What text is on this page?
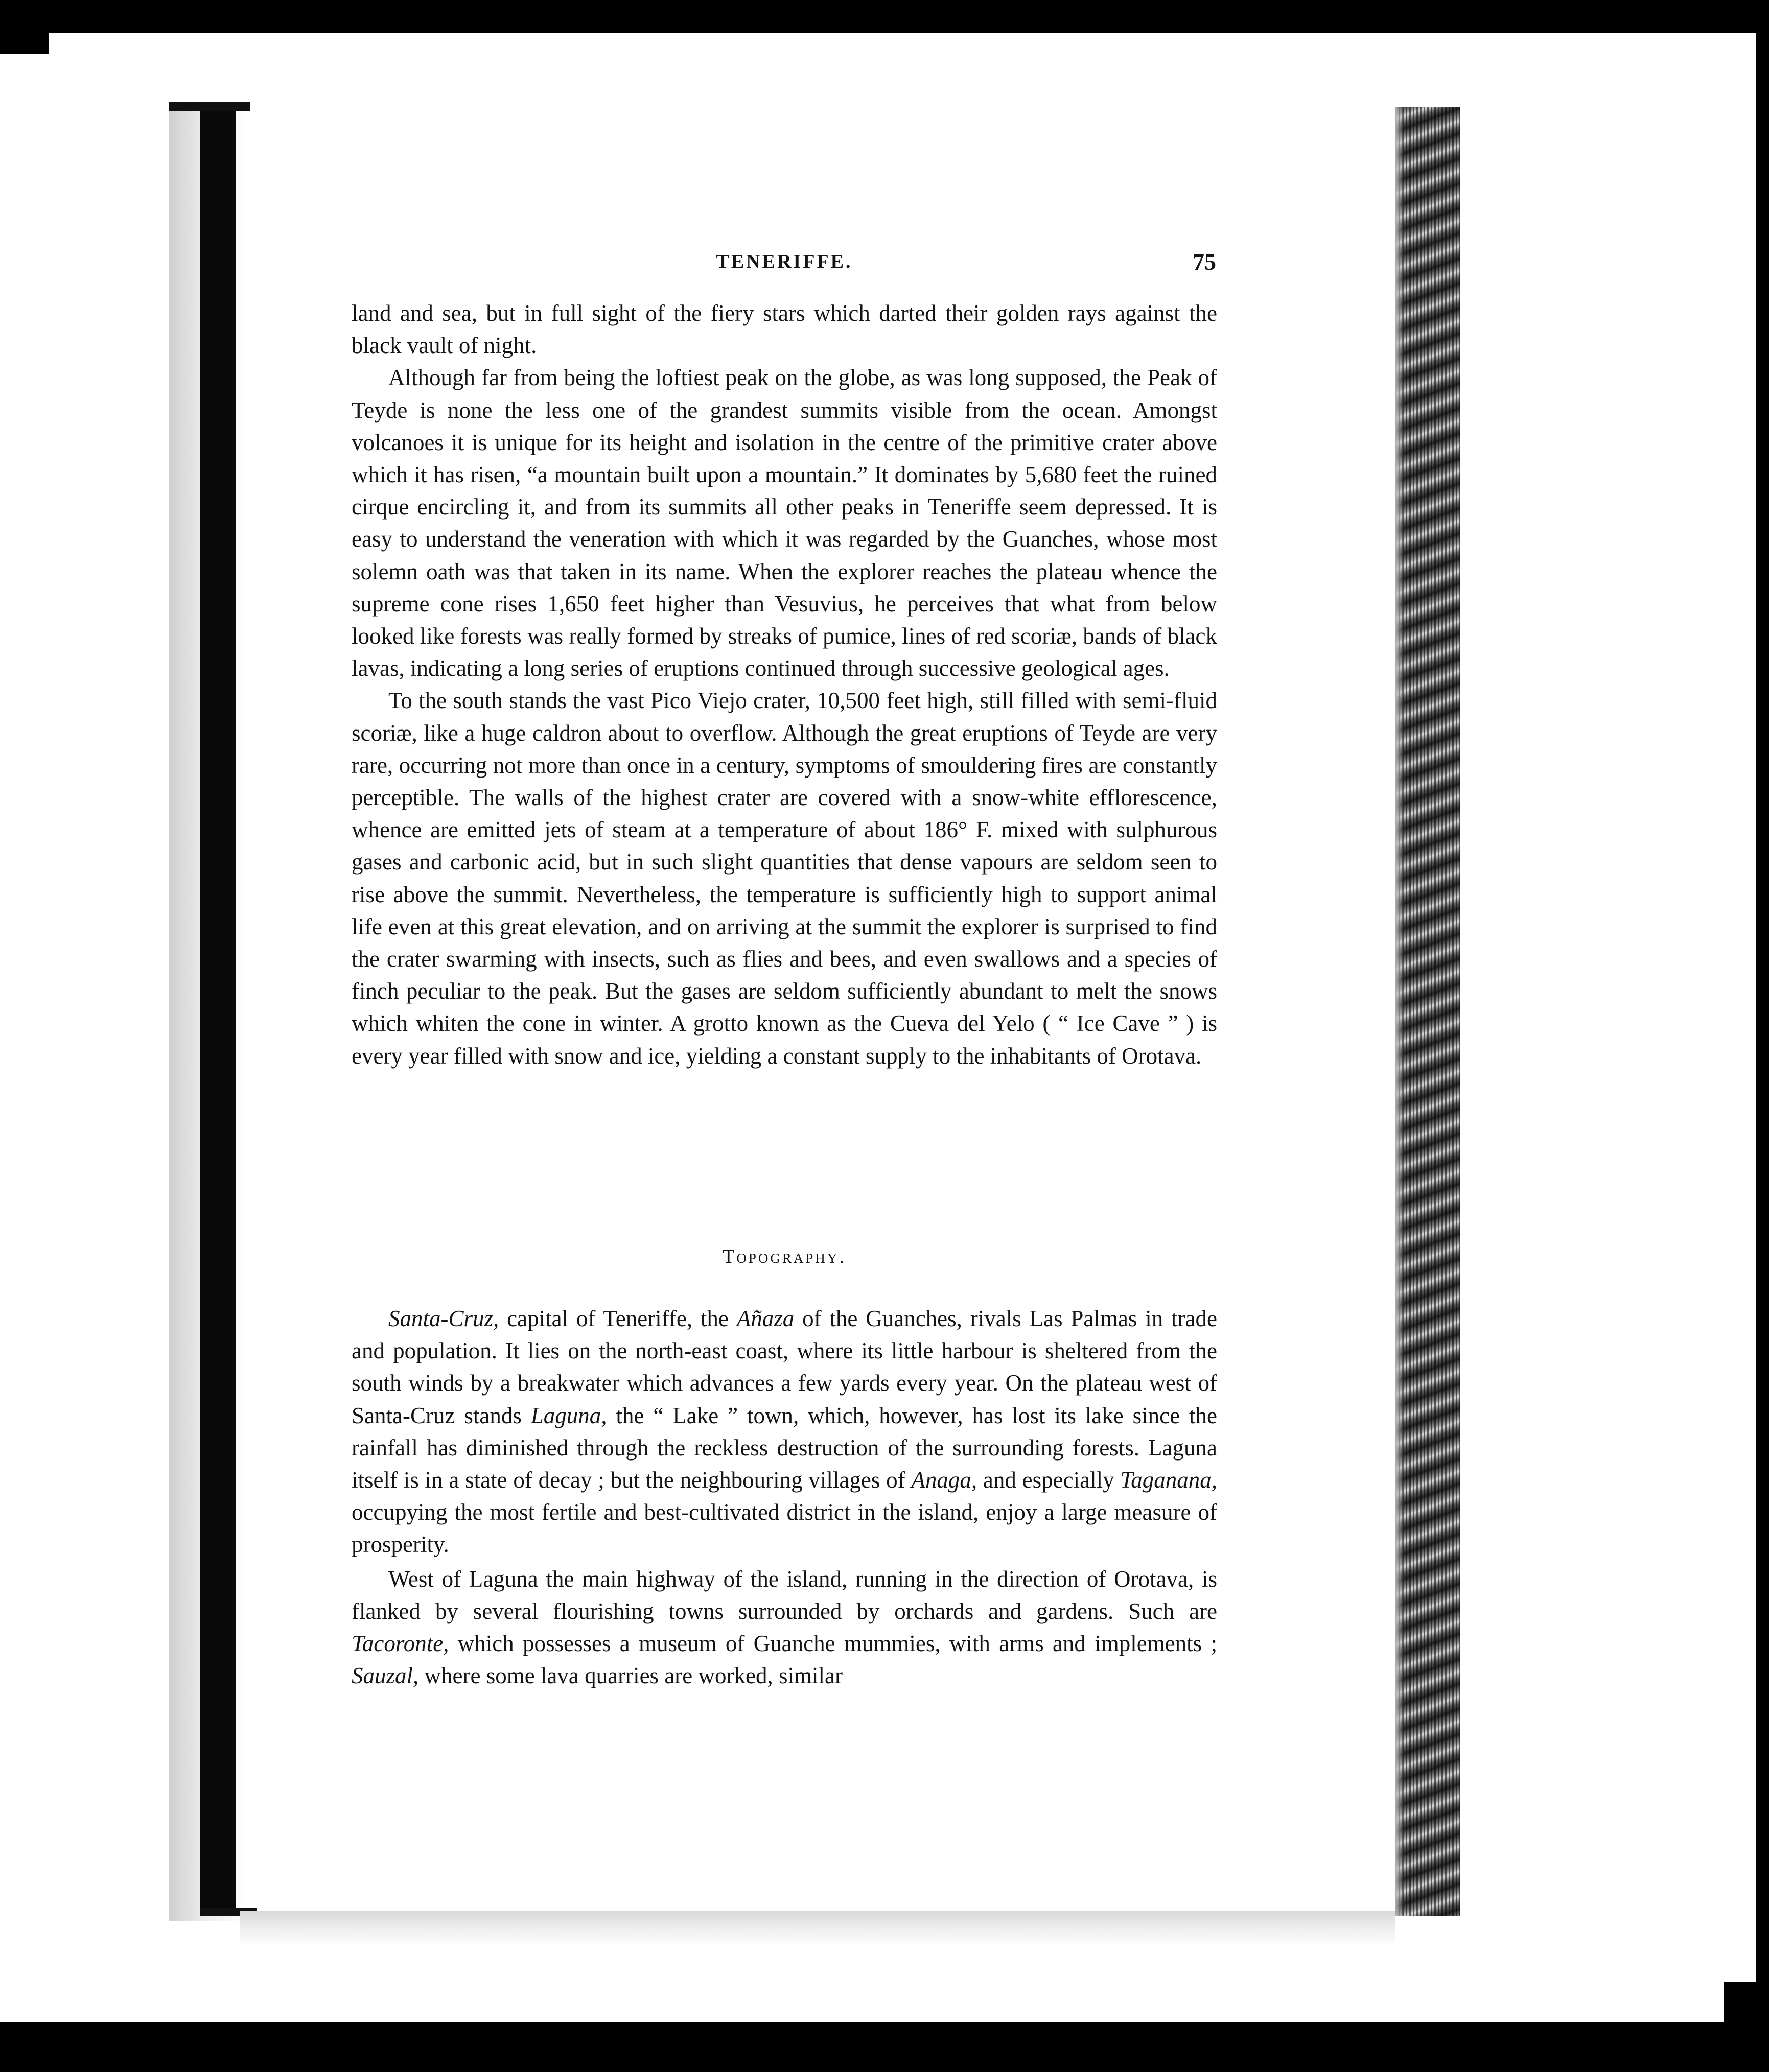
TENERIFFE.	75

land and sea, but in full sight of the fiery stars which darted their golden rays against the black vault of night.

Although far from being the loftiest peak on the globe, as was long supposed, the Peak of Teyde is none the less one of the grandest summits visible from the ocean. Amongst volcanoes it is unique for its height and isolation in the centre of the primitive crater above which it has risen, “a mountain built upon a mountain.” It dominates by 5,680 feet the ruined cirque encircling it, and from its summits all other peaks in Teneriffe seem depressed. It is easy to understand the veneration with which it was regarded by the Guanches, whose most solemn oath was that taken in its name. When the explorer reaches the plateau whence the supreme cone rises 1,650 feet higher than Vesuvius, he perceives that what from below looked like forests was really formed by streaks of pumice, lines of red scoriæ, bands of black lavas, indicating a long series of eruptions continued through successive geological ages.

To the south stands the vast Pico Viejo crater, 10,500 feet high, still filled with semi-fluid scoriæ, like a huge caldron about to overflow. Although the great eruptions of Teyde are very rare, occurring not more than once in a century, symptoms of smouldering fires are constantly perceptible. The walls of the highest crater are covered with a snow-white efflorescence, whence are emitted jets of steam at a temperature of about 186° F. mixed with sulphurous gases and carbonic acid, but in such slight quantities that dense vapours are seldom seen to rise above the summit. Nevertheless, the temperature is sufficiently high to support animal life even at this great elevation, and on arriving at the summit the explorer is surprised to find the crater swarming with insects, such as flies and bees, and even swallows and a species of finch peculiar to the peak. But the gases are seldom sufficiently abundant to melt the snows which whiten the cone in winter. A grotto known as the Cueva del Yelo ( “ Ice Cave ” ) is every year filled with snow and ice, yielding a constant supply to the inhabitants of Orotava.

Topography.

Santa-Cruz, capital of Teneriffe, the Añaza of the Guanches, rivals Las Palmas in trade and population. It lies on the north-east coast, where its little harbour is sheltered from the south winds by a breakwater which advances a few yards every year. On the plateau west of Santa-Cruz stands Laguna, the “ Lake ” town, which, however, has lost its lake since the rainfall has diminished through the reckless destruction of the surrounding forests. Laguna itself is in a state of decay ; but the neighbouring villages of Anaga, and especially Taganana, occupying the most fertile and best-cultivated district in the island, enjoy a large measure of prosperity.

West of Laguna the main highway of the island, running in the direction of Orotava, is flanked by several flourishing towns surrounded by orchards and gardens. Such are Tacoronte, which possesses a museum of Guanche mummies, with arms and implements ; Sauzal, where some lava quarries are worked, similar
